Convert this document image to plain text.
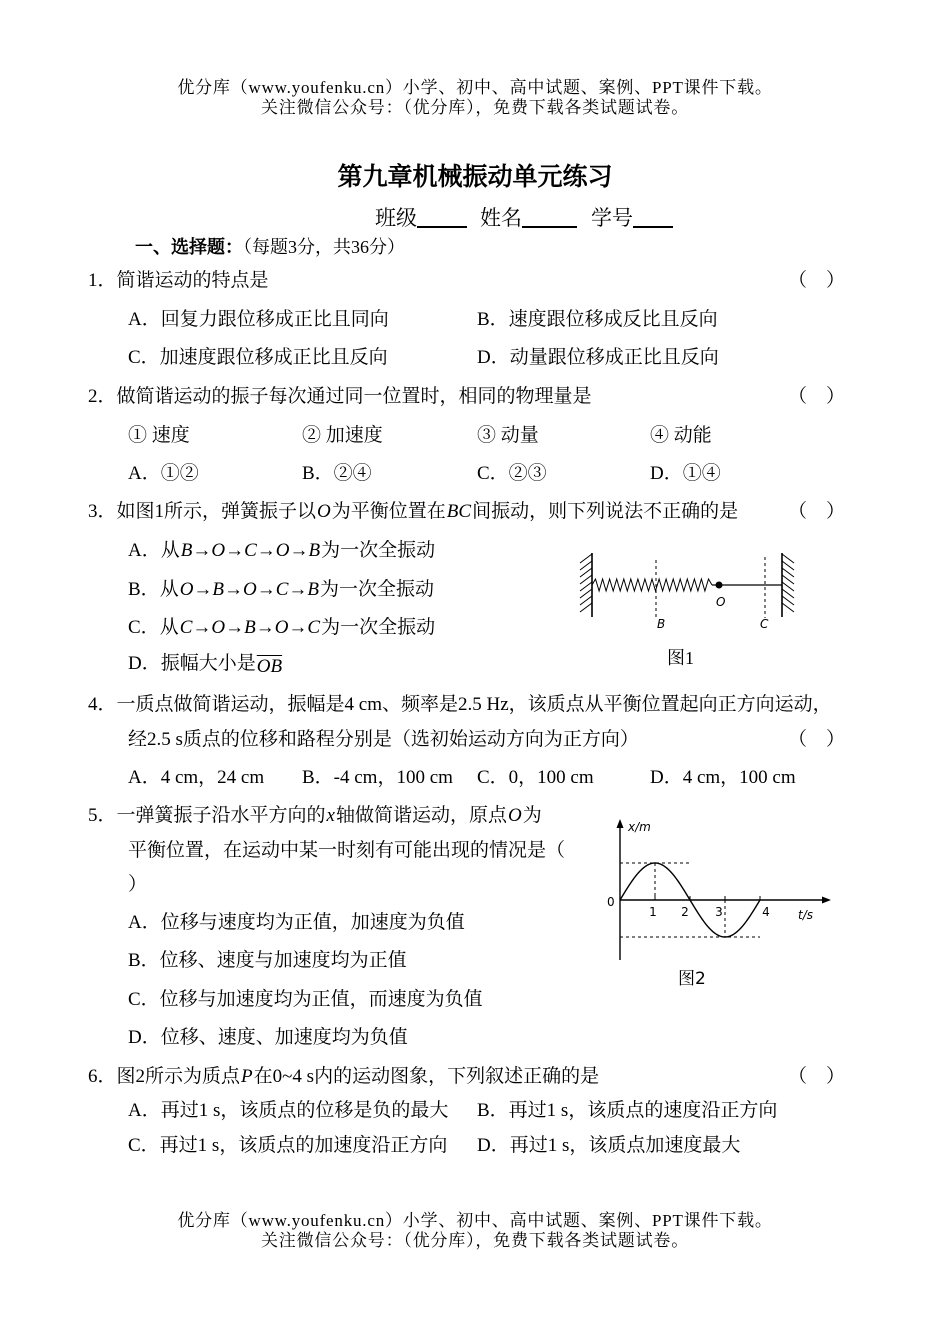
优分库（www.youfenku.cn）小学、初中、高中试题、案例、PPT课件下载。
关注微信公众号：（优分库），免费下载各类试题试卷。
第九章机械振动单元练习
班级	姓名	学号
一、选择题：（每题3分，共36分）
1．简谐运动的特点是	（　）
A．回复力跟位移成正比且同向	B．速度跟位移成反比且反向
C．加速度跟位移成正比且反向	D．动量跟位移成正比且反向
2．做简谐运动的振子每次通过同一位置时，相同的物理量是	（　）
① 速度	② 加速度	③ 动量	④ 动能
A．①②	B．②④	C．②③	D．①④
3．如图1所示，弹簧振子以O为平衡位置在BC间振动，则下列说法不正确的是	（　）
A．从B→O→C→O→B为一次全振动
B．从O→B→O→C→B为一次全振动
C．从C→O→B→O→C为一次全振动
D．振幅大小是$\overline{OB}$
O
B	C
图1
4．一质点做简谐运动，振幅是4 cm、频率是2.5 Hz，该质点从平衡位置起向正方向运动，
经2.5 s质点的位移和路程分别是（选初始运动方向为正方向）	（　）
A．4 cm，24 cm B．-4 cm，100 cm C．0，100 cm	D．4 cm，100 cm
5．一弹簧振子沿水平方向的x轴做简谐运动，原点O为
平衡位置，在运动中某一时刻有可能出现的情况是（
）
A．位移与速度均为正值，加速度为负值
B．位移、速度与加速度均为正值
C．位移与加速度均为正值，而速度为负值
D．位移、速度、加速度均为负值
x/m
t/s
0
1 2 3	4
图2
6．图2所示为质点P在0~4 s内的运动图象，下列叙述正确的是	（　）
A．再过1 s，该质点的位移是负的最大 B．再过1 s，该质点的速度沿正方向
C．再过1 s，该质点的加速度沿正方向 D．再过1 s，该质点加速度最大
优分库（www.youfenku.cn）小学、初中、高中试题、案例、PPT课件下载。
关注微信公众号：（优分库），免费下载各类试题试卷。
